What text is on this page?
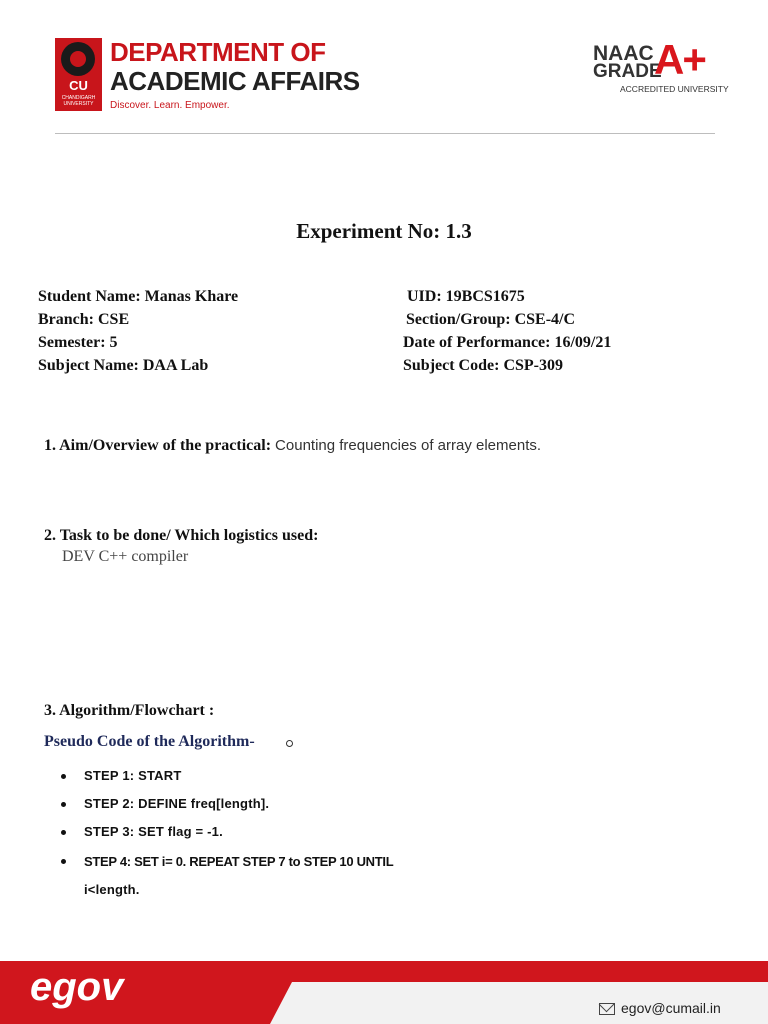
CU
CHANDIGARH UNIVERSITY
DEPARTMENT OF
ACADEMIC AFFAIRS
Discover. Learn. Empower.
NAAC
GRADE
A+
ACCREDITED UNIVERSITY
Experiment No: 1.3
Student Name: Manas Khare	UID: 19BCS1675
Branch: CSE	Section/Group: CSE-4/C
Semester: 5	Date of Performance: 16/09/21
Subject Name: DAA Lab	Subject Code: CSP-309
1. Aim/Overview of the practical: Counting frequencies of array elements.
2. Task to be done/ Which logistics used:
DEV C++ compiler
3. Algorithm/Flowchart :
Pseudo Code of the Algorithm-
STEP 1: START
STEP 2: DEFINE freq[length].
STEP 3: SET flag = -1.
STEP 4: SET i= 0. REPEAT STEP 7 to STEP 10 UNTIL
i<length.
egov	egov@cumail.in
